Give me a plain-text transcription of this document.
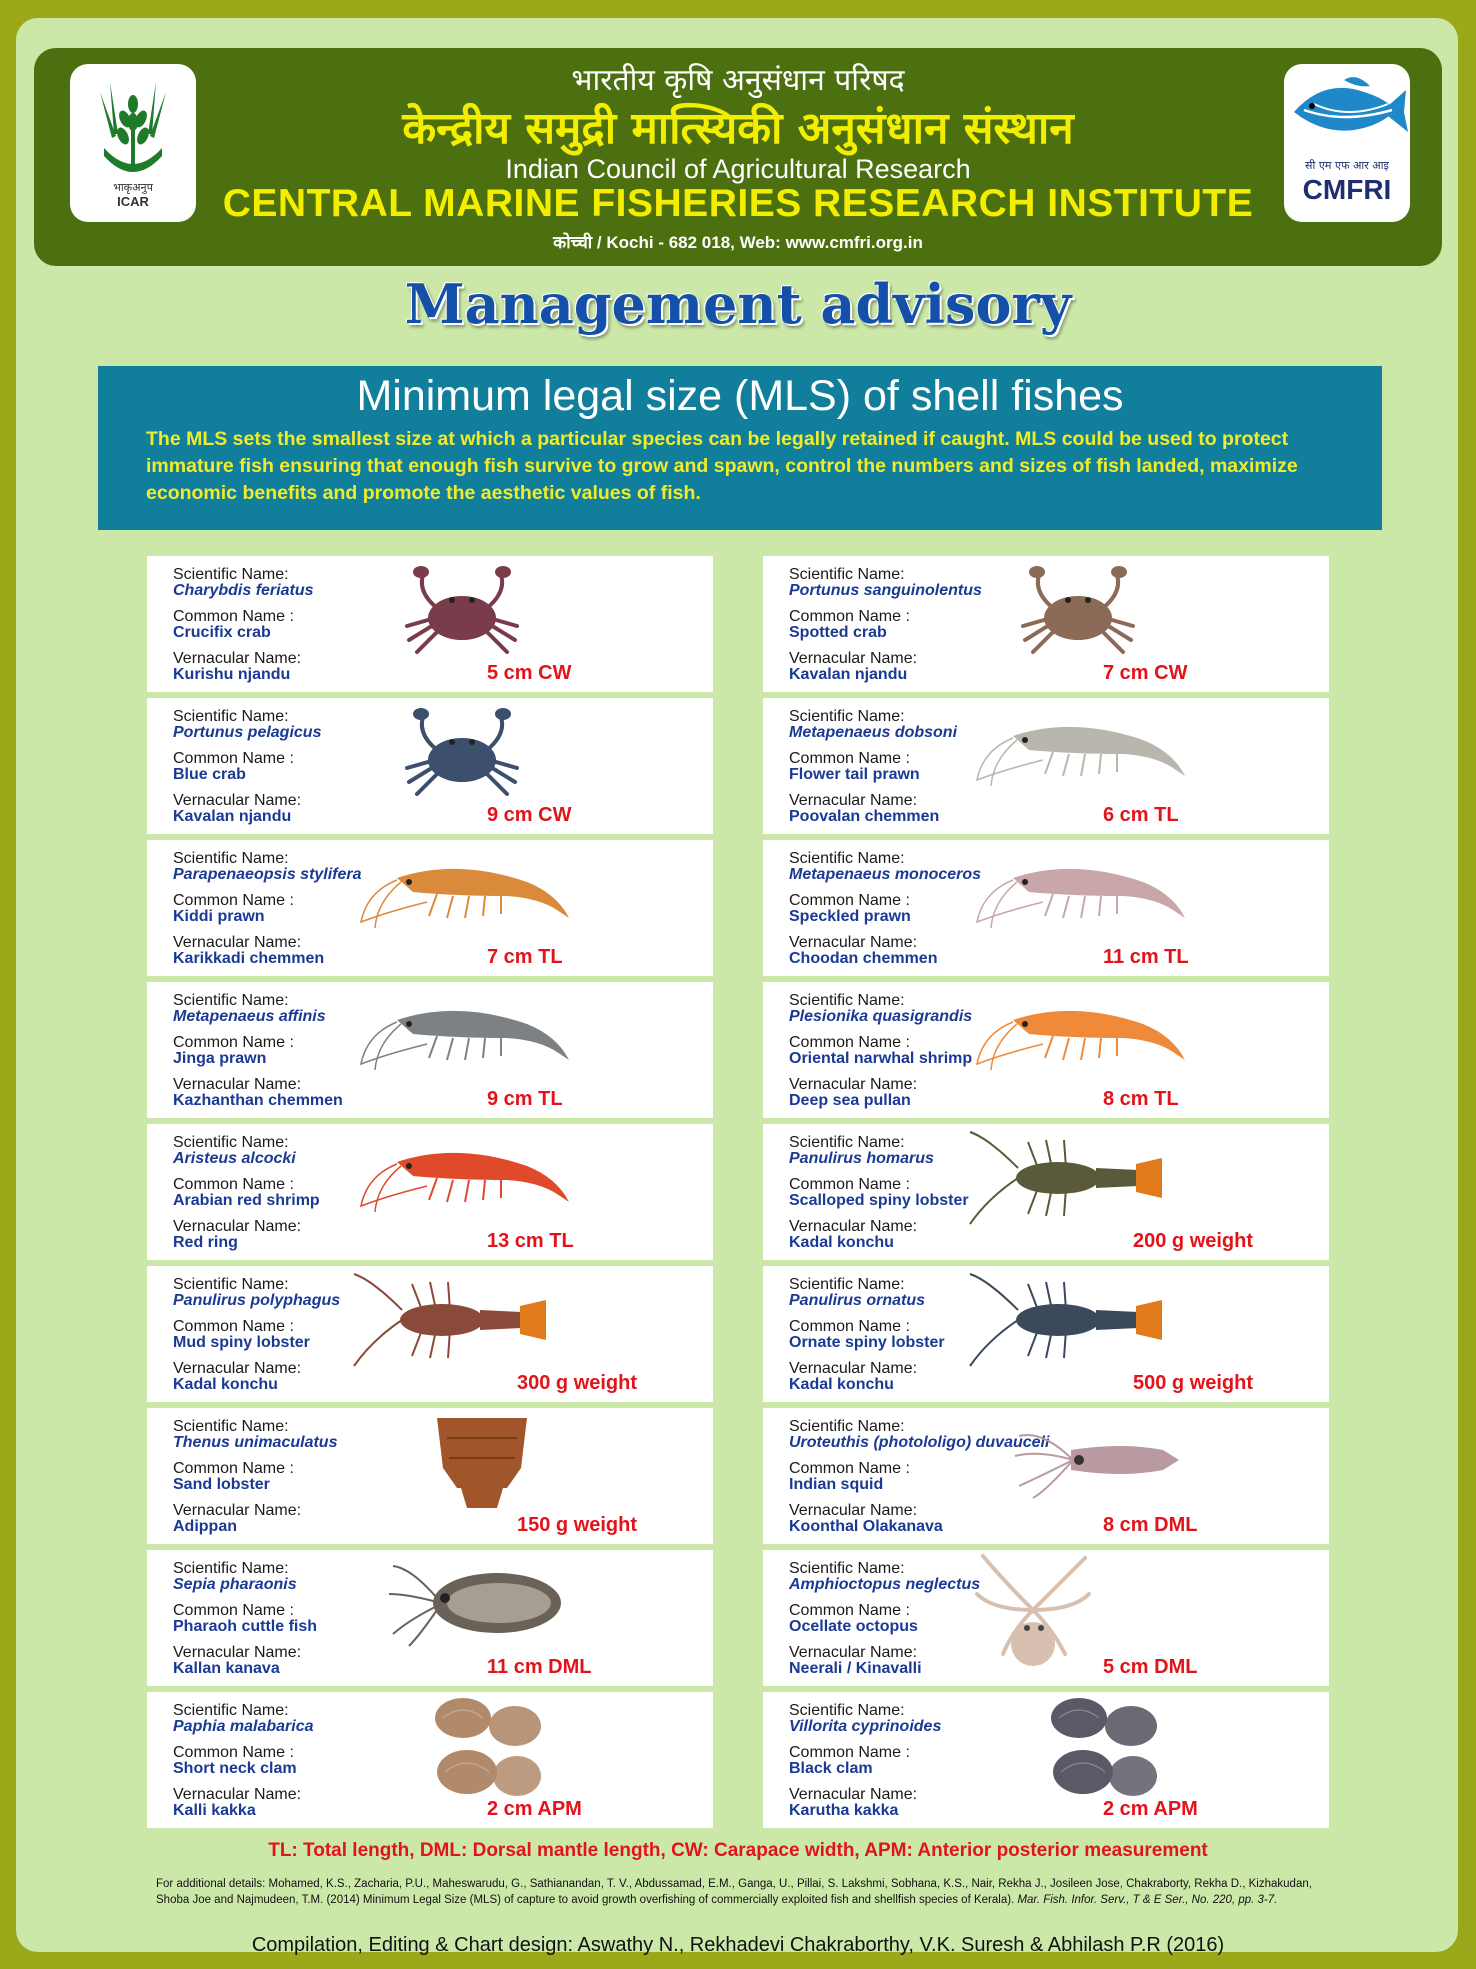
भाकृअनुप
ICAR
भारतीय कृषि अनुसंधान परिषद
केन्द्रीय समुद्री मात्स्यिकी अनुसंधान संस्थान
Indian Council of Agricultural Research
CENTRAL MARINE FISHERIES RESEARCH INSTITUTE
कोच्ची / Kochi - 682 018, Web: www.cmfri.org.in
सी एम एफ आर आइ
CMFRI
Management advisory
Minimum legal size (MLS) of shell fishes
The MLS sets the smallest size at which a particular species can be legally retained if caught. MLS could be used to protect immature fish ensuring that enough fish survive to grow and spawn, control the numbers and sizes of fish landed, maximize economic benefits and promote the aesthetic values of fish.
Scientific Name:
Charybdis feriatus
Common Name :
Crucifix crab
Vernacular Name:
Kurishu njandu	5 cm CW
Scientific Name:
Portunus sanguinolentus
Common Name :
Spotted crab
Vernacular Name:
Kavalan njandu	7 cm CW
Scientific Name:
Portunus pelagicus
Common Name :
Blue crab
Vernacular Name:
Kavalan njandu	9 cm CW
Scientific Name:
Metapenaeus dobsoni
Common Name :
Flower tail prawn
Vernacular Name:
Poovalan chemmen	6 cm TL
Scientific Name:
Parapenaeopsis stylifera
Common Name :
Kiddi prawn
Vernacular Name:
Karikkadi chemmen	7 cm TL
Scientific Name:
Metapenaeus monoceros
Common Name :
Speckled prawn
Vernacular Name:
Choodan chemmen	11 cm TL
Scientific Name:
Metapenaeus affinis
Common Name :
Jinga prawn
Vernacular Name:
Kazhanthan chemmen	9 cm TL
Scientific Name:
Plesionika quasigrandis
Common Name :
Oriental narwhal shrimp
Vernacular Name:
Deep sea pullan	8 cm TL
Scientific Name:
Aristeus alcocki
Common Name :
Arabian red shrimp
Vernacular Name:
Red ring	13 cm TL
Scientific Name:
Panulirus homarus
Common Name :
Scalloped spiny lobster
Vernacular Name:
Kadal konchu	200 g weight
Scientific Name:
Panulirus polyphagus
Common Name :
Mud spiny lobster
Vernacular Name:
Kadal konchu	300 g weight
Scientific Name:
Panulirus ornatus
Common Name :
Ornate spiny lobster
Vernacular Name:
Kadal konchu	500 g weight
Scientific Name:
Thenus unimaculatus
Common Name :
Sand lobster
Vernacular Name:
Adippan	150 g weight
Scientific Name:
Uroteuthis (photololigo) duvauceli
Common Name :
Indian squid
Vernacular Name:
Koonthal Olakanava	8 cm DML
Scientific Name:
Sepia pharaonis
Common Name :
Pharaoh cuttle fish
Vernacular Name:
Kallan kanava	11 cm DML
Scientific Name:
Amphioctopus neglectus
Common Name :
Ocellate octopus
Vernacular Name:
Neerali / Kinavalli	5 cm DML
Scientific Name:
Paphia malabarica
Common Name :
Short neck clam
Vernacular Name:
Kalli kakka	2 cm APM
Scientific Name:
Villorita cyprinoides
Common Name :
Black clam
Vernacular Name:
Karutha kakka	2 cm APM
TL: Total length, DML: Dorsal mantle length, CW: Carapace width, APM: Anterior posterior measurement
For additional details: Mohamed, K.S., Zacharia, P.U., Maheswarudu, G., Sathianandan, T. V., Abdussamad, E.M., Ganga, U., Pillai, S. Lakshmi, Sobhana, K.S., Nair, Rekha J., Josileen Jose, Chakraborty, Rekha D., Kizhakudan, Shoba Joe and Najmudeen, T.M. (2014) Minimum Legal Size (MLS) of capture to avoid growth overfishing of commercially exploited fish and shellfish species of Kerala). Mar. Fish. Infor. Serv., T & E Ser., No. 220, pp. 3-7.
Compilation, Editing & Chart design: Aswathy N., Rekhadevi Chakraborthy, V.K. Suresh & Abhilash P.R (2016)
